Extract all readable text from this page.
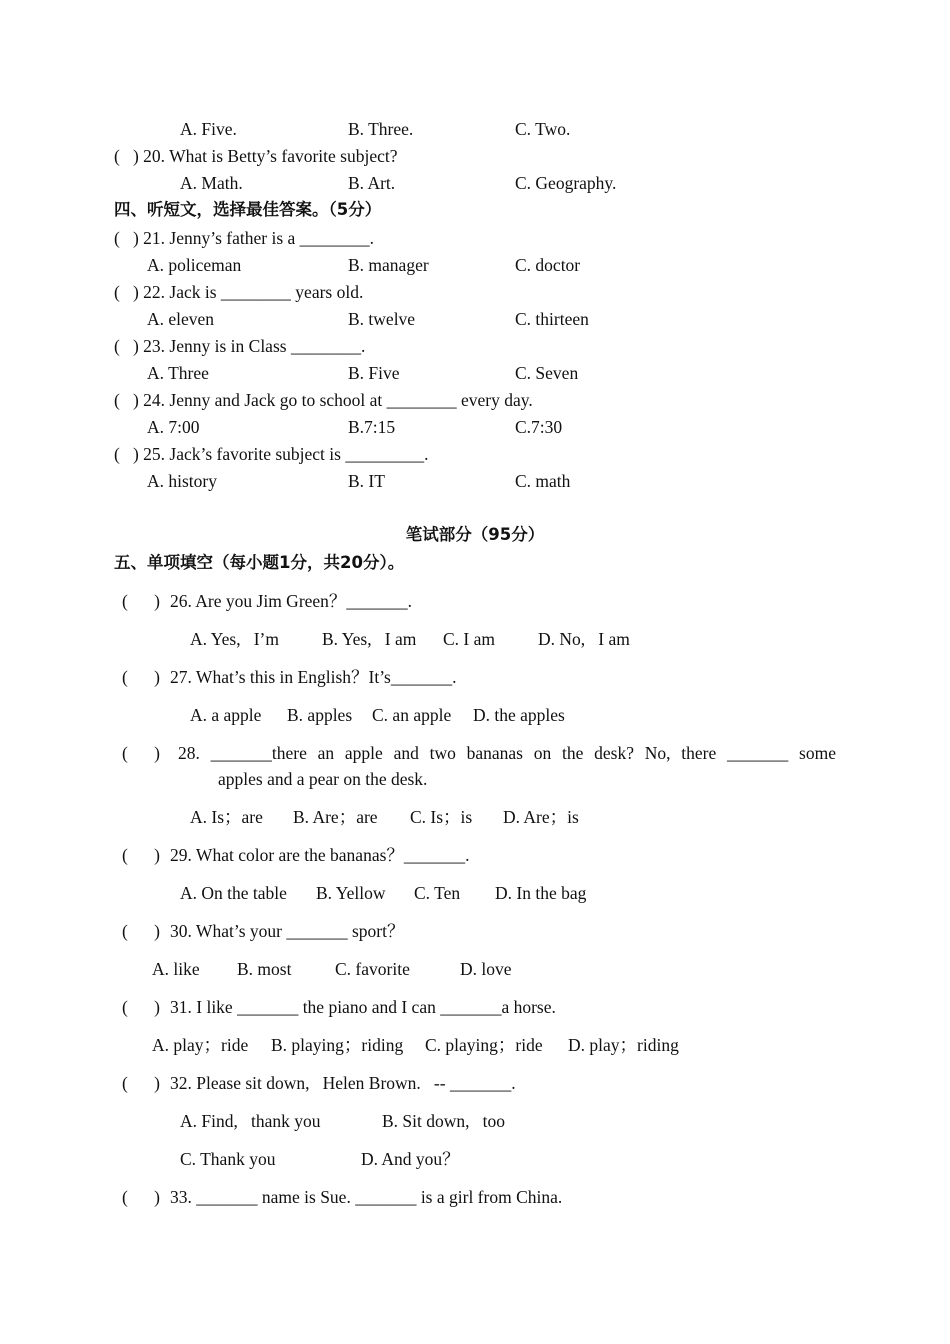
A. Five.	B. Three.	C. Two.
(   ) 20. What is Betty’s favorite subject?
A. Math.	B. Art.	C. Geography.
四、听短文，选择最佳答案。（5分）
(   ) 21. Jenny’s father is a ________.
A. policeman	B. manager	C. doctor
(   ) 22. Jack is ________ years old.
A. eleven	B. twelve	C. thirteen
(   ) 23. Jenny is in Class ________.
A. Three	B. Five	C. Seven
(   ) 24. Jenny and Jack go to school at ________ every day.
A. 7:00	B.7:15	C.7:30
(   ) 25. Jack’s favorite subject is _________.
A. history	B. IT	C. math
笔试部分（95分）
五、单项填空（每小题1分，共20分）。
(      ) 26. Are you Jim Green？_______.
A. Yes,   I’m B. Yes,   I am C. I am D. No,   I am
(      ) 27. What’s this in English？It’s_______.
A. a apple B. apples C. an apple D. the apples
(      ) 28. _______there an apple and two bananas on the desk? No, there _______ some
apples and a pear on the desk.
A. Is；are B. Are；are C. Is；is D. Are；is
(      ) 29. What color are the bananas？_______.
A. On the table B. Yellow C. Ten D. In the bag
(      ) 30. What’s your _______ sport？
A. like B. most C. favorite	D. love
(      ) 31. I like _______ the piano and I can _______a horse.
A. play；ride B. playing；riding C. playing；ride D. play；riding
(      ) 32. Please sit down,   Helen Brown.   -- _______.
A. Find,   thank you	B. Sit down,   too
C. Thank you	D. And you？
(      ) 33. _______ name is Sue. _______ is a girl from China.
